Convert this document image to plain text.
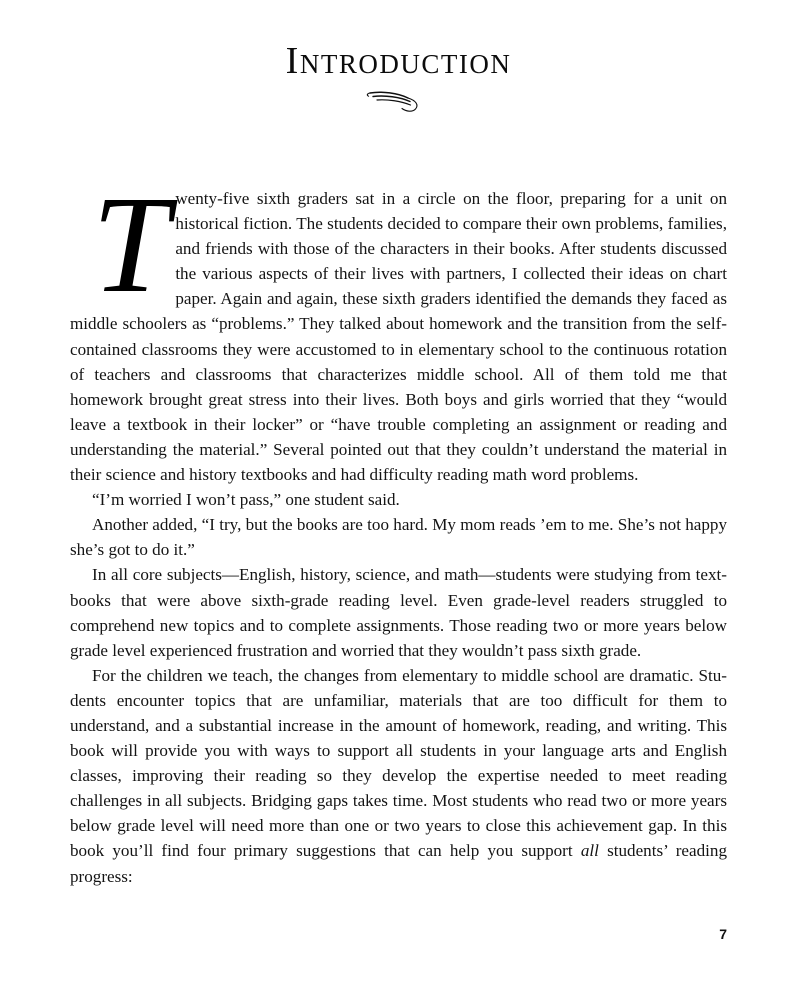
Introduction

Twenty-five sixth graders sat in a circle on the floor, preparing for a unit on historical fiction. The students decided to compare their own problems, families, and friends with those of the characters in their books. After students discussed the various aspects of their lives with partners, I collected their ideas on chart paper. Again and again, these sixth graders identified the demands they faced as middle schoolers as “problems.” They talked about homework and the transition from the self-contained classrooms they were accustomed to in elementary school to the continuous rotation of teachers and classrooms that characterizes middle school. All of them told me that homework brought great stress into their lives. Both boys and girls worried that they “would leave a textbook in their locker” or “have trouble completing an assignment or reading and understanding the material.” Several pointed out that they couldn’t understand the material in their science and history textbooks and had difficulty reading math word problems.

“I’m worried I won’t pass,” one student said.

Another added, “I try, but the books are too hard. My mom reads ’em to me. She’s not happy she’s got to do it.”

In all core subjects—English, history, science, and math—students were studying from textbooks that were above sixth-grade reading level. Even grade-level readers struggled to comprehend new topics and to complete assignments. Those reading two or more years below grade level experienced frustration and worried that they wouldn’t pass sixth grade.

For the children we teach, the changes from elementary to middle school are dramatic. Students encounter topics that are unfamiliar, materials that are too difficult for them to understand, and a substantial increase in the amount of homework, reading, and writing. This book will provide you with ways to support all students in your language arts and English classes, improving their reading so they develop the expertise needed to meet reading challenges in all subjects. Bridging gaps takes time. Most students who read two or more years below grade level will need more than one or two years to close this achievement gap. In this book you’ll find four primary suggestions that can help you support all students’ reading progress:

7
